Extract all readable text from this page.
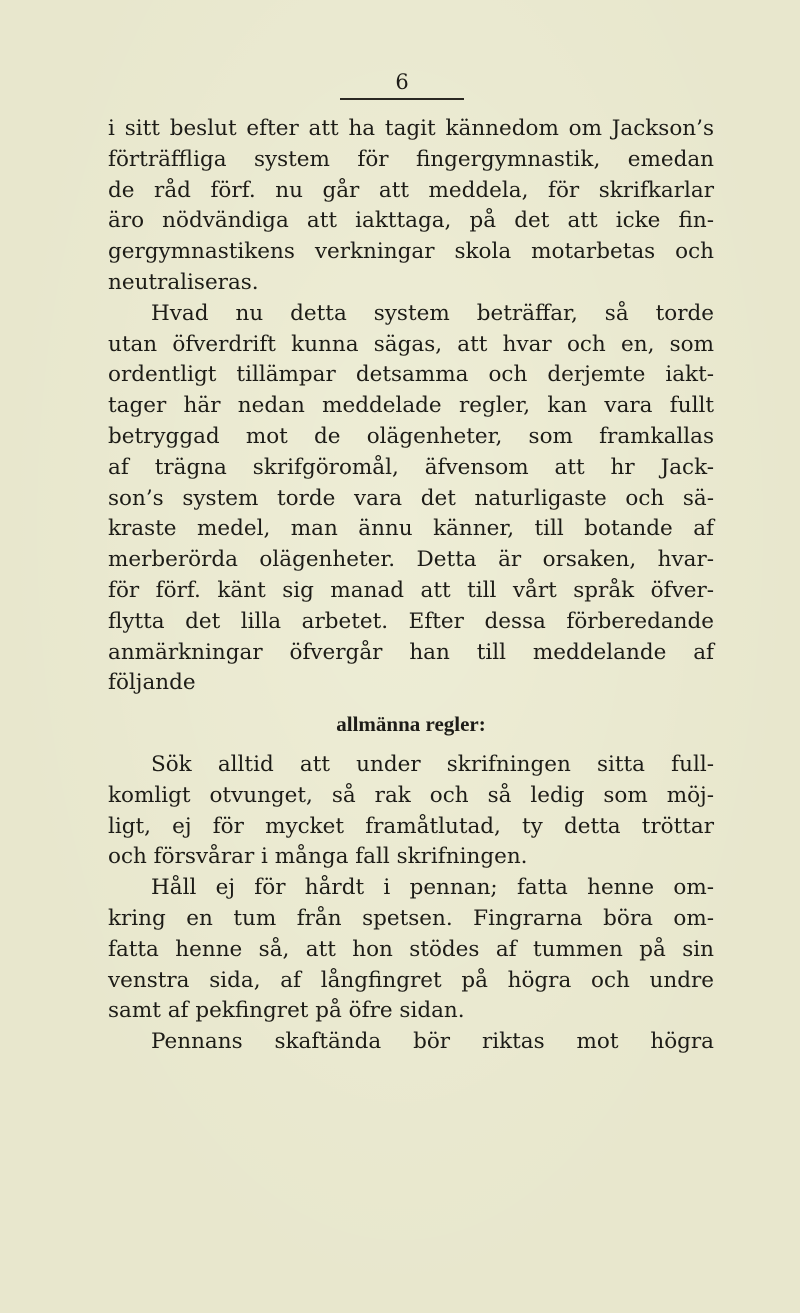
6
i sitt beslut efter att ha tagit kännedom om Jackson’s
förträffliga system för fingergymnastik, emedan
de råd förf. nu går att meddela, för skrifkarlar
äro nödvändiga att iakttaga, på det att icke fin-
gergymnastikens verkningar skola motarbetas och
neutraliseras.
Hvad nu detta system beträffar, så torde
utan öfverdrift kunna sägas, att hvar och en, som
ordentligt tillämpar detsamma och derjemte iakt-
tager här nedan meddelade regler, kan vara fullt
betryggad mot de olägenheter, som framkallas
af trägna skrifgöromål, äfvensom att hr Jack-
son’s system torde vara det naturligaste och sä-
kraste medel, man ännu känner, till botande af
merberörda olägenheter. Detta är orsaken, hvar-
för förf. känt sig manad att till vårt språk öfver-
flytta det lilla arbetet. Efter dessa förberedande
anmärkningar öfvergår han till meddelande af
följande
allmänna regler:
Sök alltid att under skrifningen sitta full-
komligt otvunget, så rak och så ledig som möj-
ligt, ej för mycket framåtlutad, ty detta tröttar
och försvårar i många fall skrifningen.
Håll ej för hårdt i pennan; fatta henne om-
kring en tum från spetsen. Fingrarna böra om-
fatta henne så, att hon stödes af tummen på sin
venstra sida, af långfingret på högra och undre
samt af pekfingret på öfre sidan.
Pennans skaftända bör riktas mot högra
